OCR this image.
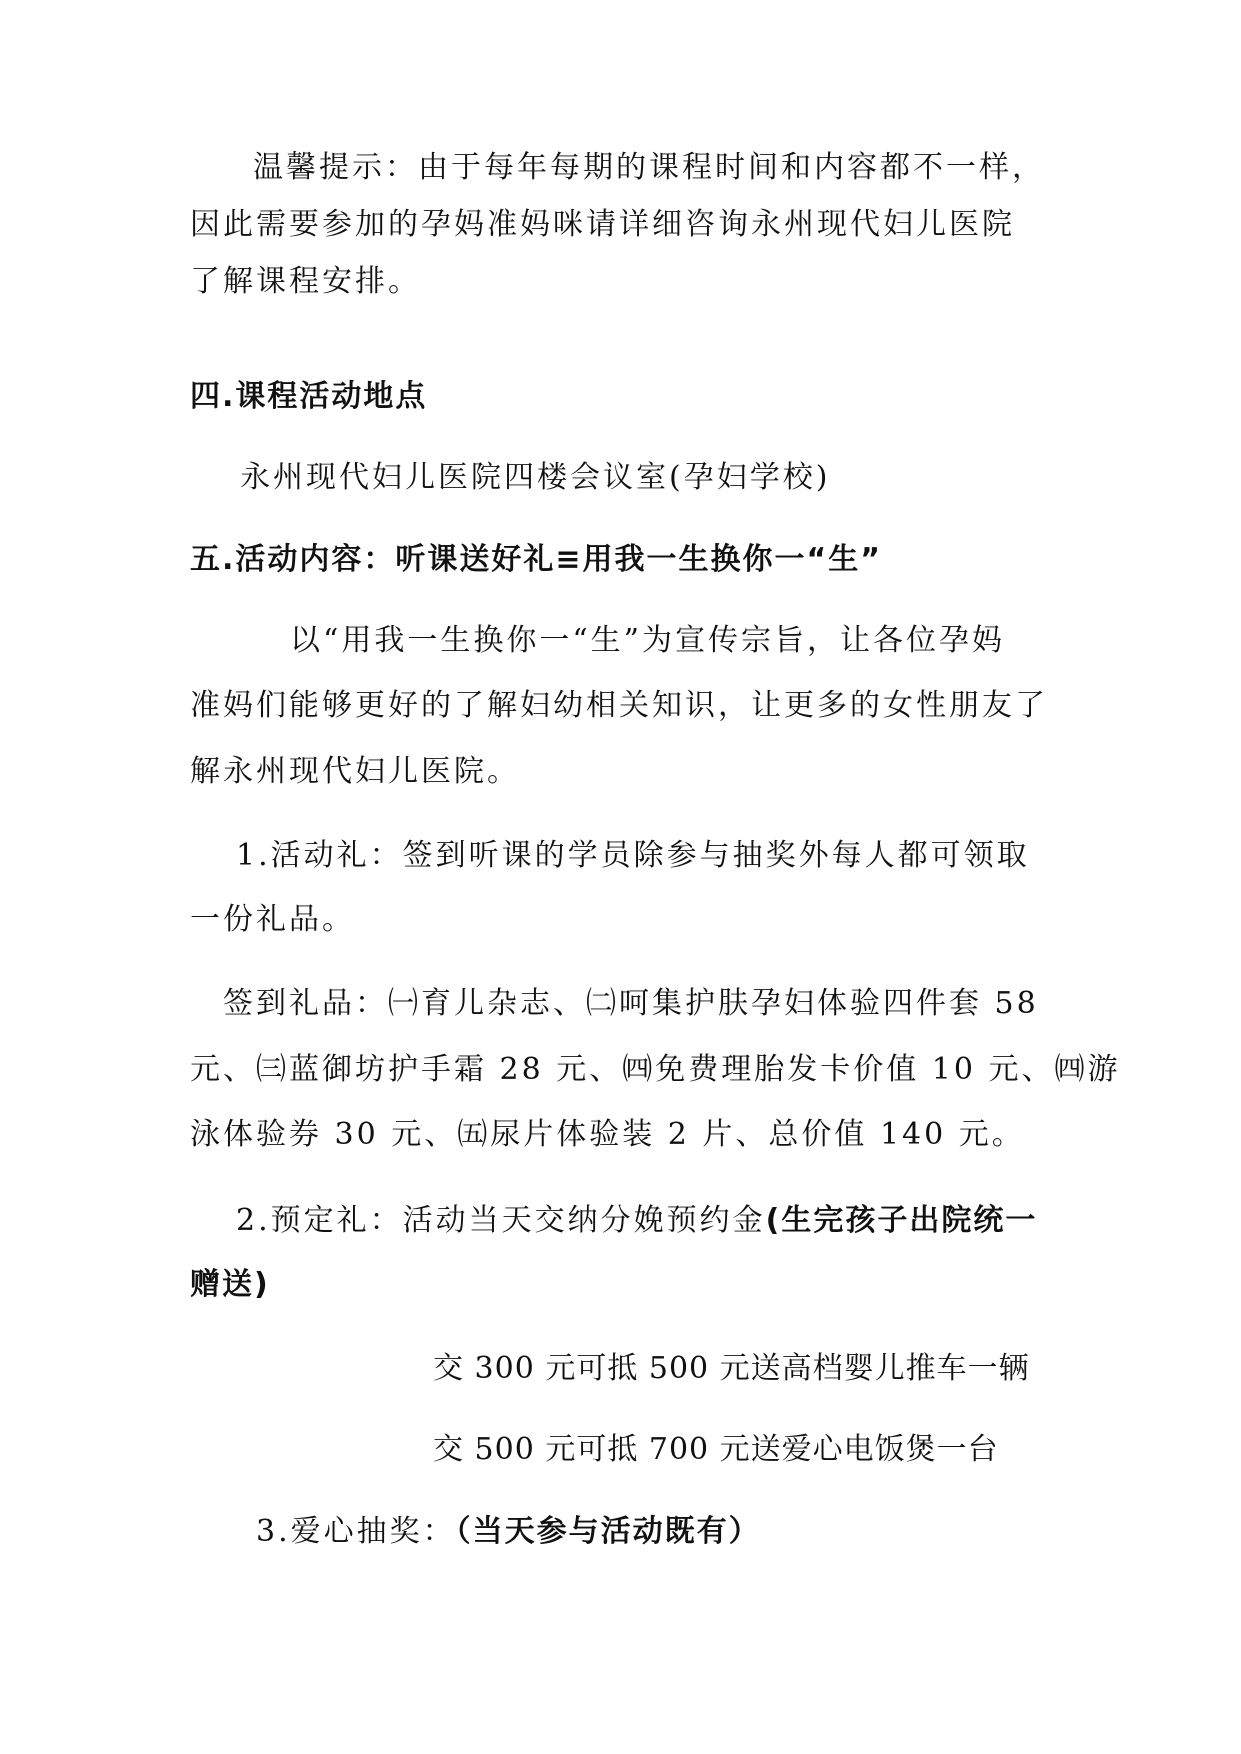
温馨提示：由于每年每期的课程时间和内容都不一样，
因此需要参加的孕妈准妈咪请详细咨询永州现代妇儿医院
了解课程安排。
四.课程活动地点
永州现代妇儿医院四楼会议室(孕妇学校)
五.活动内容：听课送好礼≡用我一生换你一“生”
以“用我一生换你一“生”为宣传宗旨，让各位孕妈
准妈们能够更好的了解妇幼相关知识，让更多的女性朋友了
解永州现代妇儿医院。
1.活动礼：签到听课的学员除参与抽奖外每人都可领取
一份礼品。
签到礼品：㈠育儿杂志、㈡呵集护肤孕妇体验四件套 58
元、㈢蓝御坊护手霜 28 元、㈣免费理胎发卡价值 10 元、㈣游
泳体验券 30 元、㈤尿片体验装 2 片、总价值 140 元。
2.预定礼：活动当天交纳分娩预约金(生完孩子出院统一
赠送)
交 300 元可抵 500 元送高档婴儿推车一辆
交 500 元可抵 700 元送爱心电饭煲一台
3.爱心抽奖：（当天参与活动既有）
